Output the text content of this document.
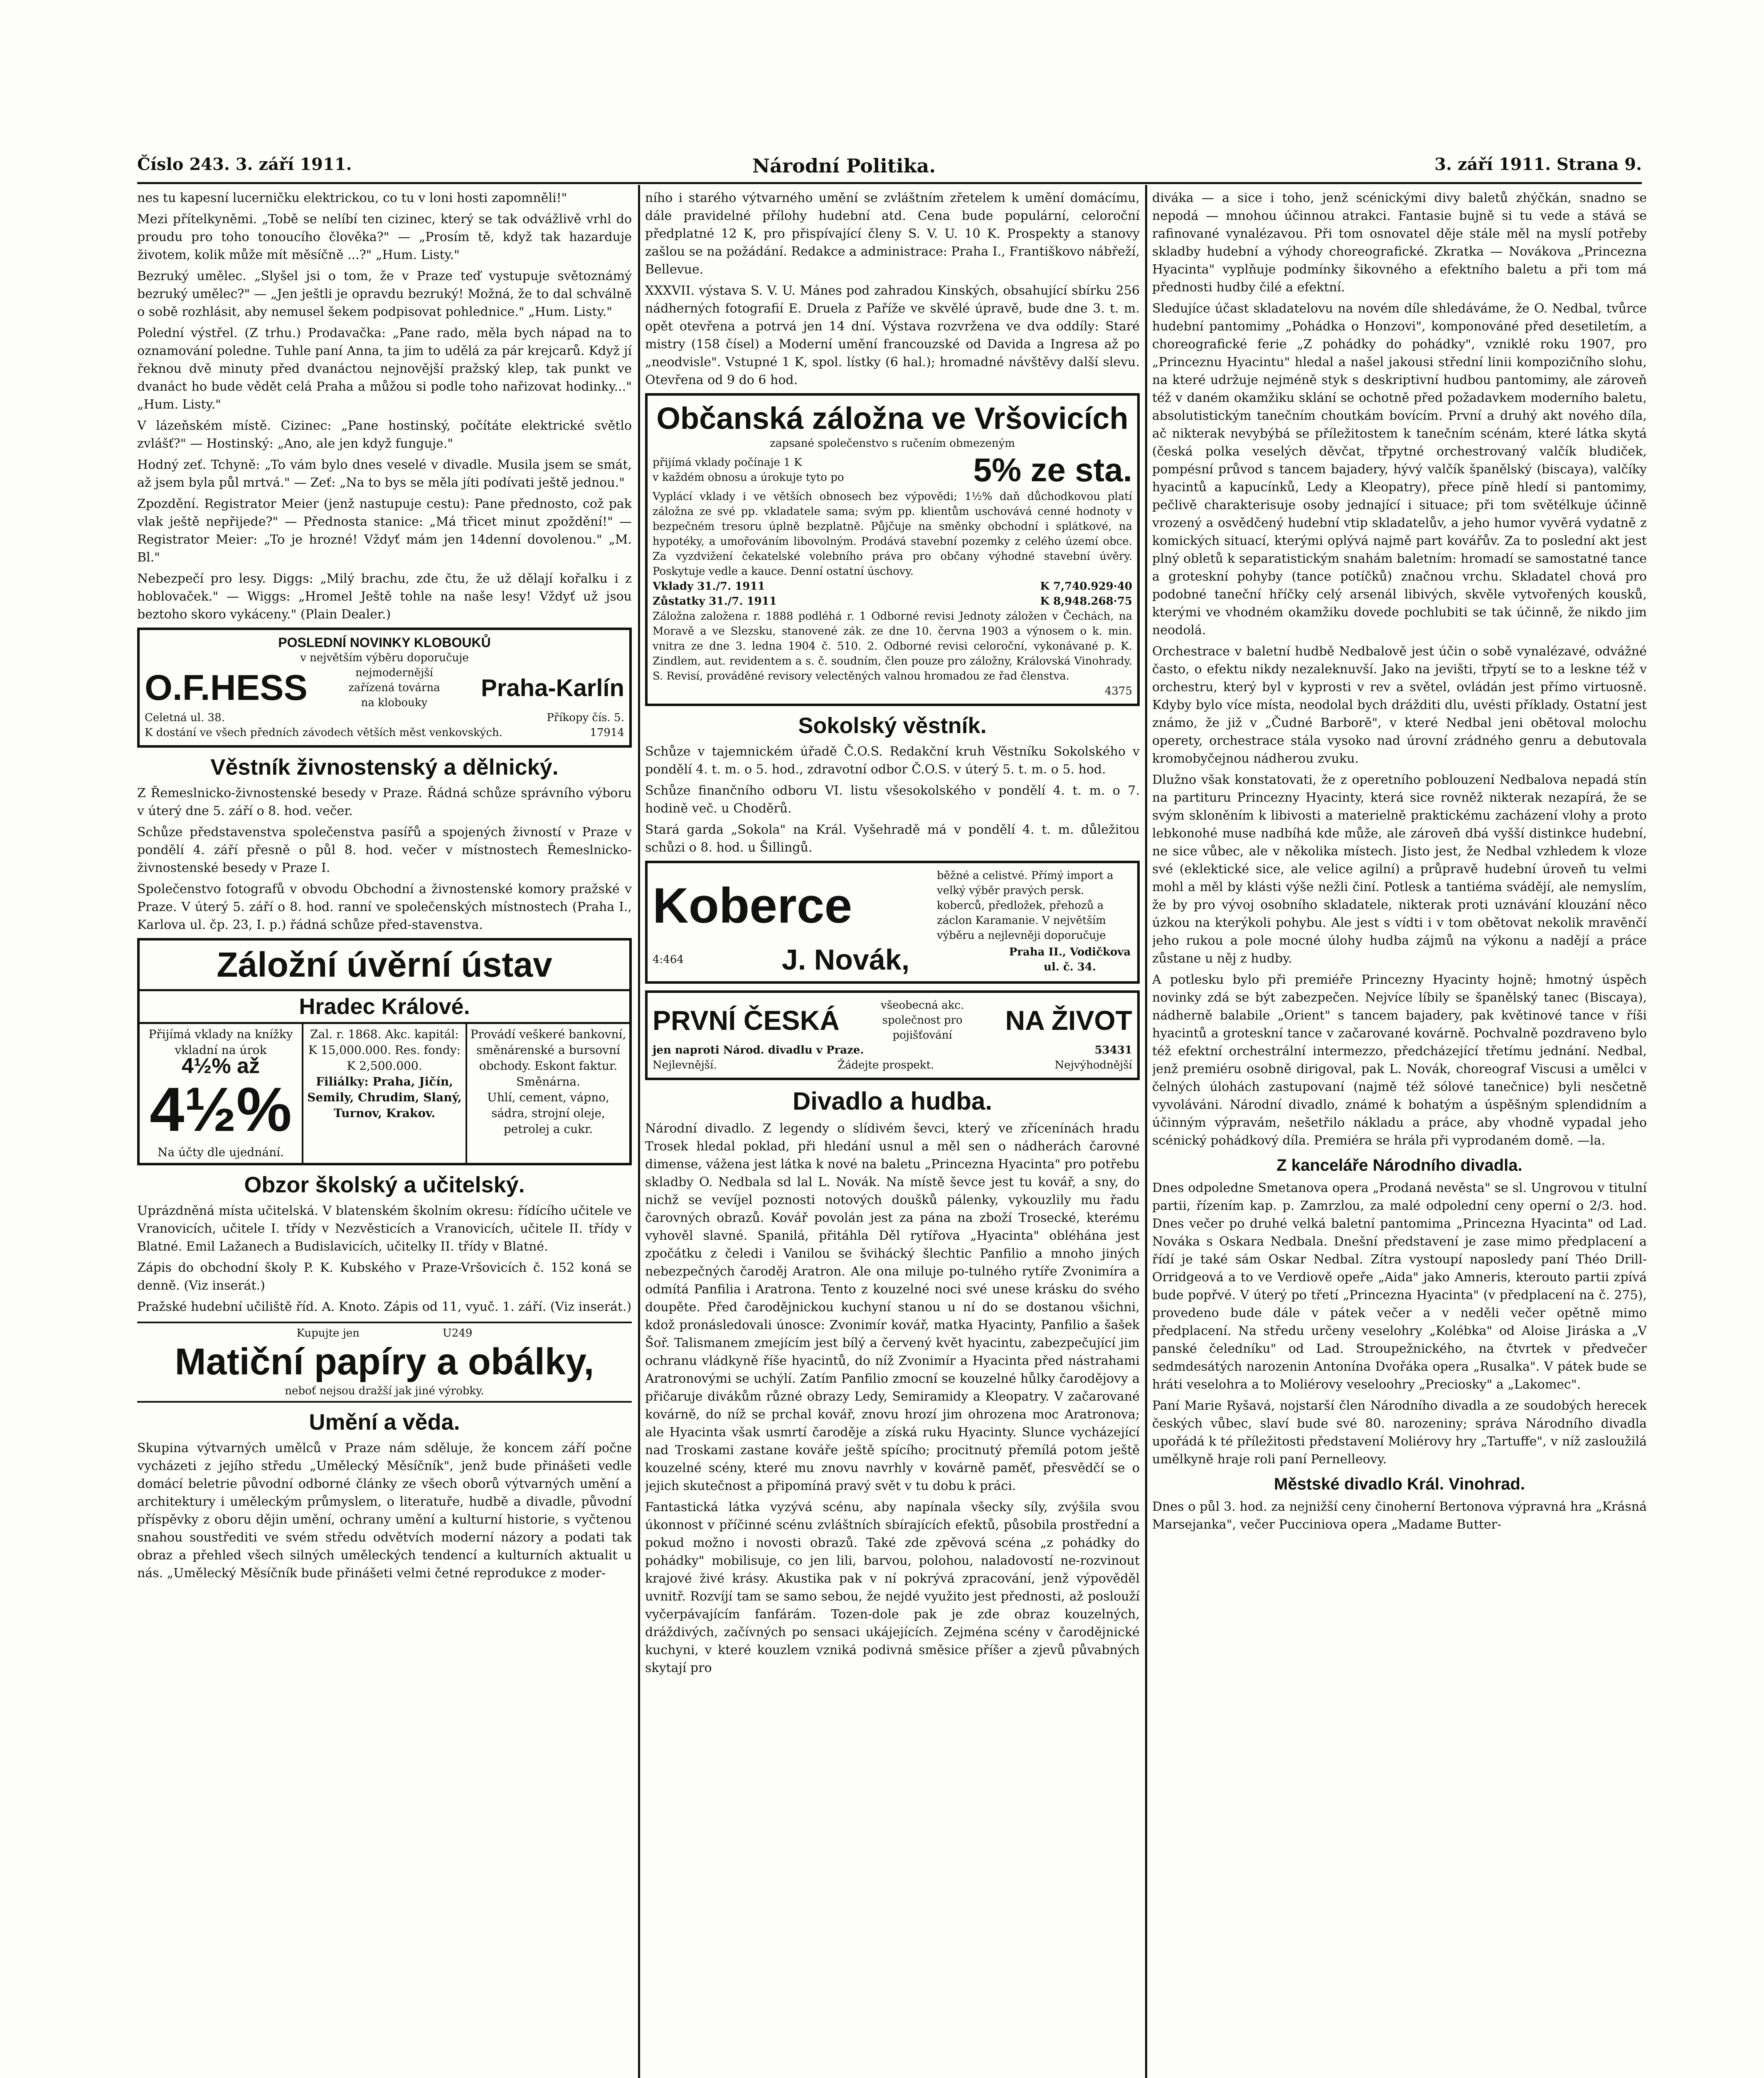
Číslo 243. 3. září 1911.	Národní Politika.	3. září 1911. Strana 9.

nes tu kapesní lucerničku elektrickou, co tu v loni hosti zapomněli!"

Mezi přítelkyněmi. „Tobě se nelíbí ten cizinec, který se tak odvážlivě vrhl do proudu pro toho tonoucího člověka?" — „Prosím tě, když tak hazarduje životem, kolik může mít měsíčně ...?" „Hum. Listy."

Bezruký umělec. „Slyšel jsi o tom, že v Praze teď vystupuje světoznámý bezruký umělec?" — „Jen ještli je opravdu bezruký! Možná, že to dal schválně o sobě rozhlásit, aby nemusel šekem podpisovat pohlednice." „Hum. Listy."

Polední výstřel. (Z trhu.) Prodavačka: „Pane rado, měla bych nápad na to oznamování poledne. Tuhle paní Anna, ta jim to udělá za pár krejcarů. Když jí řeknou dvě minuty před dvanáctou nejnovější pražský klep, tak punkt ve dvanáct ho bude vědět celá Praha a můžou si podle toho nařizovat hodinky..." „Hum. Listy."

V lázeňském místě. Cizinec: „Pane hostinský, počítáte elektrické světlo zvlášť?" — Hostinský: „Ano, ale jen když funguje."

Hodný zeť. Tchyně: „To vám bylo dnes veselé v divadle. Musila jsem se smát, až jsem byla půl mrtvá." — Zeť: „Na to bys se měla jíti podívati ještě jednou."

Zpozdění. Registrator Meier (jenž nastupuje cestu): Pane přednosto, což pak vlak ještě nepřijede?" — Přednosta stanice: „Má třicet minut zpoždění!" — Registrator Meier: „To je hrozné! Vždyť mám jen 14denní dovolenou." „M. Bl."

Nebezpečí pro lesy. Diggs: „Milý brachu, zde čtu, že už dělají kořalku i z hoblovaček." — Wiggs: „Hromel Ještě tohle na naše lesy! Vždyť už jsou beztoho skoro vykáceny." (Plain Dealer.)

POSLEDNÍ NOVINKY KLOBOUKŮ
v největším výběru doporučuje
O.F.HESS	nejmodernější zařízená továrna na klobouky
Praha-Karlín
Celetná ul. 38.	Příkopy čís. 5.
K dostání ve všech předních závodech větších měst venkovských.	17914
Věstník živnostenský a dělnický.

Z Řemeslnicko-živnostenské besedy v Praze. Řádná schůze správního výboru v úterý dne 5. září o 8. hod. večer.

Schůze představenstva společenstva pasířů a spojených živností v Praze v pondělí 4. září přesně o půl 8. hod. večer v místnostech Řemeslnicko-živnostenské besedy v Praze I.

Společenstvo fotografů v obvodu Obchodní a živnostenské komory pražské v Praze. V úterý 5. září o 8. hod. ranní ve společenských místnostech (Praha I., Karlova ul. čp. 23, I. p.) řádná schůze před-stavenstva.

Záložní úvěrní ústav
Hradec Králové.
Přijímá vklady na knížky vkladní na úrok
4½% až
4½%
Na účty dle ujednání.
Zal. r. 1868. Akc. kapitál: K 15,000.000. Res. fondy: K 2,500.000.
Filiálky: Praha, Jičín, Semily, Chrudim, Slaný, Turnov, Krakov.
Provádí veškeré bankovní, směnárenské a bursovní obchody. Eskont faktur. Směnárna.
Uhlí, cement, vápno, sádra, strojní oleje, petrolej a cukr.
Obzor školský a učitelský.

Uprázdněná místa učitelská. V blatenském školním okresu: řídícího učitele ve Vranovicích, učitele I. třídy v Nezvěsticích a Vranovicích, učitele II. třídy v Blatné. Emil Lažanech a Budislavicích, učitelky II. třídy v Blatné.

Zápis do obchodní školy P. K. Kubského v Praze-Vršovicích č. 152 koná se denně. (Viz inserát.)

Pražské hudební učiliště říd. A. Knoto. Zápis od 11, vyuč. 1. září. (Viz inserát.)

Kupujte jen	U249
Matiční papíry a obálky,
neboť nejsou dražší jak jiné výrobky.
Umění a věda.

Skupina výtvarných umělců v Praze nám sděluje, že koncem září počne vycházeti z jejího středu „Umělecký Měsíčník", jenž bude přinášeti vedle domácí beletrie původní odborné články ze všech oborů výtvarných umění a architektury i uměleckým průmyslem, o literatuře, hudbě a divadle, původní příspěvky z oboru dějin umění, ochrany umění a kulturní historie, s vyčtenou snahou soustřediti ve svém středu odvětvích moderní názory a podati tak obraz a přehled všech silných uměleckých tendencí a kulturních aktualit u nás. „Umělecký Měsíčník bude přinášeti velmi četné reprodukce z moder-

ního i starého výtvarného umění se zvláštním zřetelem k umění domácímu, dále pravidelné přílohy hudební atd. Cena bude populární, celoroční předplatné 12 K, pro přispívající členy S. V. U. 10 K. Prospekty a stanovy zašlou se na požádání. Redakce a administrace: Praha I., Františkovo nábřeží, Bellevue.

XXXVII. výstava S. V. U. Mánes pod zahradou Kinských, obsahující sbírku 256 nádherných fotografií E. Druela z Paříže ve skvělé úpravě, bude dne 3. t. m. opět otevřena a potrvá jen 14 dní. Výstava rozvržena ve dva oddíly: Staré mistry (158 čísel) a Moderní umění francouzské od Davida a Ingresa až po „neodvisle". Vstupné 1 K, spol. lístky (6 hal.); hromadné návštěvy další slevu. Otevřena od 9 do 6 hod.

Občanská záložna ve Vršovicích
zapsané společenstvo s ručením obmezeným
přijímá vklady počínaje 1 K
v každém obnosu a úrokuje tyto po	5% ze sta.
Vyplácí vklady i ve větších obnosech bez výpovědi; 1½% daň důchodkovou platí záložna ze své pp. vkladatele sama; svým pp. klientům uschovává cenné hodnoty v bezpečném tresoru úplně bezplatně. Půjčuje na směnky obchodní i splátkové, na hypotéky, a umořováním libovolným. Prodává stavební pozemky z celého území obce. Za vyzdvižení čekatelské volebního práva pro občany výhodné stavební úvěry. Poskytuje vedle a kauce. Denní ostatní úschovy.
Vklady 31./7. 1911	K 7,740.929·40
Zůstatky 31./7. 1911	K 8,948.268·75
Záložna založena r. 1888 podléhá r. 1 Odborné revisi Jednoty záložen v Čechách, na Moravě a ve Slezsku, stanovené zák. ze dne 10. června 1903 a výnosem o k. min. vnitra ze dne 3. ledna 1904 č. 510. 2. Odborné revisi celoroční, vykonávané p. K. Zindlem, aut. revidentem a s. č. soudním, člen pouze pro záložny, Královská Vinohrady. S. Revisí, prováděné revisory velectěných valnou hromadou ze řad členstva.
4375
Sokolský věstník.

Schůze v tajemnickém úřadě Č.O.S. Redakční kruh Věstníku Sokolského v pondělí 4. t. m. o 5. hod., zdravotní odbor Č.O.S. v úterý 5. t. m. o 5. hod.

Schůze finančního odboru VI. listu všesokolského v pondělí 4. t. m. o 7. hodině več. u Choděrů.

Stará garda „Sokola" na Král. Vyšehradě má v pondělí 4. t. m. důležitou schůzi o 8. hod. u Šillingů.

Koberce
běžné a celistvé. Přímý import a velký výběr pravých persk. koberců, předložek, přehozů a záclon Karamanie. V největším výběru a nejlevněji doporučuje
4:464	J. Novák,	Praha II., Vodičkova ul. č. 34.
PRVNÍ ČESKÁ	všeobecná akc. společnost pro pojišťování	NA ŽIVOT
jen naproti Národ. divadlu v Praze.	53431
Nejlevnější.	Žádejte prospekt.	Nejvýhodnější
Divadlo a hudba.

Národní divadlo. Z legendy o slídivém ševci, který ve zřícenínách hradu Trosek hledal poklad, při hledání usnul a měl sen o nádherách čarovné dimense, vážena jest látka k nové na baletu „Princezna Hyacinta" pro potřebu skladby O. Nedbala sd lal L. Novák. Na místě ševce jest tu kovář, a sny, do nichž se vevíjel poznosti notových doušků pálenky, vykouzlily mu řadu čarovných obrazů. Kovář povolán jest za pána na zboží Trosecké, kterému vyhověl slavné. Spanilá, přitáhla Děl rytířova „Hyacinta" obléhána jest zpočátku z čeledi i Vanilou se švihácký šlechtic Panfilio a mnoho jiných nebezpečných čaroděj Aratron. Ale ona miluje po-tulného rytíře Zvonimíra a odmítá Panfilia i Aratrona. Tento z kouzelné noci své unese krásku do svého doupěte. Před čarodějnickou kuchyní stanou u ní do se dostanou všichni, kdož pronásledovali únosce: Zvonimír kovář, matka Hyacinty, Panfilio a šašek Šoř. Talismanem zmejícím jest bílý a červený květ hyacintu, zabezpečující jim ochranu vládkyně říše hyacintů, do níž Zvonimír a Hyacinta před nástrahami Aratronovými se uchýlí. Zatím Panfilio zmocní se kouzelné hůlky čarodějovy a přičaruje divákům různé obrazy Ledy, Semiramidy a Kleopatry. V začarované kovárně, do níž se prchal kovář, znovu hrozí jim ohrozena moc Aratronova; ale Hyacinta však usmrtí čaroděje a získá ruku Hyacinty. Slunce vycházející nad Troskami zastane kováře ještě spícího; procitnutý přemílá potom ještě kouzelné scény, které mu znovu navrhly v kovárně paměť, přesvědčí se o jejich skutečnost a připomíná pravý svět v tu dobu k práci.

Fantastická látka vyzývá scénu, aby napínala všecky síly, zvýšila svou úkonnost v příčinné scénu zvláštních sbírajících efektů, působila prostřední a pokud možno i novosti obrazů. Také zde zpěvová scéna „z pohádky do pohádky" mobilisuje, co jen lili, barvou, polohou, naladovostí ne-rozvinout krajové živé krásy. Akustika pak v ní pokrývá zpracování, jenž výpověděl uvnitř. Rozvíjí tam se samo sebou, že nejdé využito jest přednosti, až poslouží vyčerpávajícím fanfárám. Tozen-dole pak je zde obraz kouzelných, dráždivých, začívných po sensaci ukájejících. Zejména scény v čarodějnické kuchyni, v které kouzlem vzniká podivná směsice příšer a zjevů půvabných skytají pro

diváka — a sice i toho, jenž scénickými divy baletů zhýčkán, snadno se nepodá — mnohou účinnou atrakci. Fantasie bujně si tu vede a stává se rafinované vynalézavou. Při tom osnovatel děje stále měl na myslí potřeby skladby hudební a výhody choreografické. Zkratka — Novákova „Princezna Hyacinta" vyplňuje podmínky šikovného a efektního baletu a při tom má přednosti hudby čilé a efektní.

Sledujíce účast skladatelovu na novém díle shledáváme, že O. Nedbal, tvůrce hudební pantomimy „Pohádka o Honzovi", komponováné před desetiletím, a choreografické ferie „Z pohádky do pohádky", vzniklé roku 1907, pro „Princeznu Hyacintu" hledal a našel jakousi střední linii kompozičního slohu, na které udržuje nejméně styk s deskriptivní hudbou pantomimy, ale zároveň též v daném okamžiku sklání se ochotně před požadavkem moderního baletu, absolutistickým tanečním choutkám bovícím. První a druhý akt nového díla, ač nikterak nevybýbá se příležitostem k tanečním scénám, které látka skytá (česká polka veselých děvčat, třpytné orchestrovaný valčík bludiček, pompésní průvod s tancem bajadery, hývý valčík španělský (biscaya), valčíky hyacintů a kapucínků, Ledy a Kleopatry), přece píně hledí si pantomimy, pečlivě charakterisuje osoby jednající i situace; při tom světélkuje účinně vrozený a osvědčený hudební vtip skladatelův, a jeho humor vyvěrá vydatně z komických situací, kterými oplývá najmě part kovářův. Za to poslední akt jest plný obletů k separatistickým snahám baletním: hromadí se samostatné tance a groteskní pohyby (tance potíčků) značnou vrchu. Skladatel chová pro podobné taneční hříčky celý arsenál libivých, skvěle vytvořených kousků, kterými ve vhodném okamžiku dovede pochlubiti se tak účinně, že nikdo jim neodolá.

Orchestrace v baletní hudbě Nedbalově jest účin o sobě vynalézavé, odvážné často, o efektu nikdy nezaleknuvší. Jako na jevišti, třpytí se to a leskne též v orchestru, který byl v kyprosti v rev a světel, ovládán jest přímo virtuosně. Kdyby bylo více místa, neodolal bych drážditi dlu, uvésti příklady. Ostatní jest známo, že již v „Čudné Barborě", v které Nedbal jeni obětoval molochu operety, orchestrace stála vysoko nad úrovní zrádného genru a debutovala kromobyčejnou nádherou zvuku.

Dlužno však konstatovati, že z operetního poblouzení Nedbalova nepadá stín na partituru Princezny Hyacinty, která sice rovněž nikterak nezapírá, že se svým skloněním k libivosti a materielně praktickému zacházení vlohy a proto lebkonohé muse nadbíhá kde může, ale zároveň dbá vyšší distinkce hudební, ne sice vůbec, ale v několika místech. Jisto jest, že Nedbal vzhledem k vloze své (eklektické sice, ale velice agilní) a průpravě hudební úroveň tu velmi mohl a měl by klásti výše nežli činí. Potlesk a tantiéma svádějí, ale nemyslím, že by pro vývoj osobního skladatele, nikterak proti uznávání klouzání něco úzkou na kterýkoli pohybu. Ale jest s vídti i v tom obětovat nekolik mravěnčí jeho rukou a pole mocné úlohy hudba zájmů na výkonu a nadějí a práce zůstane u něj z hudby.

A potlesku bylo při premiéře Princezny Hyacinty hojně; hmotný úspěch novinky zdá se být zabezpečen. Nejvíce líbily se španělský tanec (Biscaya), nádherně balabile „Orient" s tancem bajadery, pak květinové tance v říši hyacintů a groteskní tance v začarované kovárně. Pochvalně pozdraveno bylo též efektní orchestrální intermezzo, předcházející třetímu jednání. Nedbal, jenž premiéru osobně dirigoval, pak L. Novák, choreograf Viscusi a umělci v čelných úlohách zastupovaní (najmě též sólové tanečnice) byli nesčetně vyvoláváni. Národní divadlo, známé k bohatým a úspěšným splendidním a účinným výpravám, nešetřilo nákladu a práce, aby vhodně vypadal jeho scénický pohádkový díla. Premiéra se hrála při vyprodaném domě. —la.

Z kanceláře Národního divadla.

Dnes odpoledne Smetanova opera „Prodaná nevěsta" se sl. Ungrovou v titulní partii, řízením kap. p. Zamrzlou, za malé odpolední ceny operní o 2/3. hod. Dnes večer po druhé velká baletní pantomima „Princezna Hyacinta" od Lad. Nováka s Oskara Nedbala. Dnešní představení je zase mimo předplacení a řídí je také sám Oskar Nedbal. Zítra vystoupí naposledy paní Théo Drill-Orridgeová a to ve Verdiově opeře „Aida" jako Amneris, kterouto partii zpívá bude popřvé. V úterý po třetí „Princezna Hyacinta" (v předplacení na č. 275), provedeno bude dále v pátek večer a v neděli večer opětně mimo předplacení. Na středu určeny veselohry „Kolébka" od Aloise Jiráska a „V panské čeledníku" od Lad. Stroupežnického, na čtvrtek v předvečer sedmdesátých narozenin Antonína Dvořáka opera „Rusalka". V pátek bude se hráti veselohra a to Moliérovy veseloohry „Preciosky" a „Lakomec".

Paní Marie Ryšavá, nojstarší člen Národního divadla a ze soudobých herecek českých vůbec, slaví bude své 80. narozeniny; správa Národního divadla upořádá k té příležitosti představení Moliérovy hry „Tartuffe", v níž zasloužilá umělkyně hraje roli paní Pernelleovy.

Městské divadlo Král. Vinohrad.

Dnes o půl 3. hod. za nejnižší ceny činoherní Bertonova výpravná hra „Krásná Marsejanka", večer Pucciniova opera „Madame Butter-
